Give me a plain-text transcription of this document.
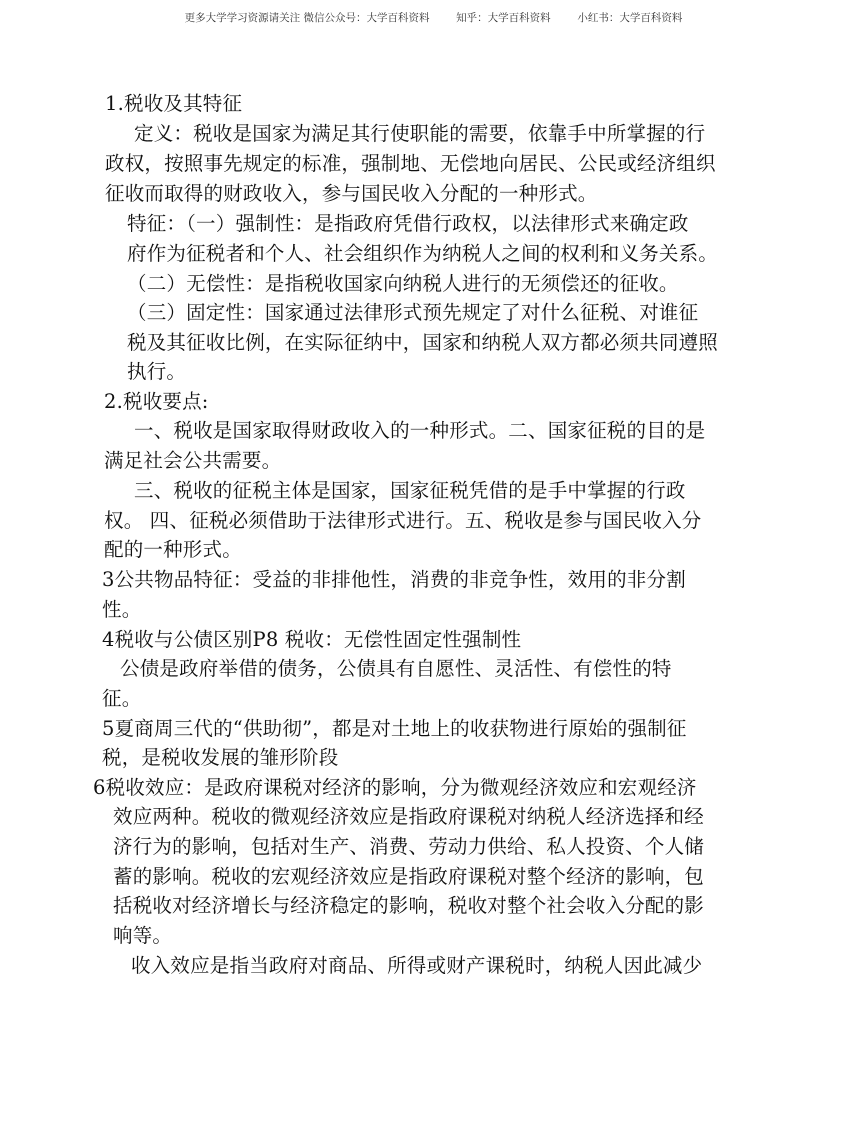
更多大学学习资源请关注 微信公众号：大学百科资料	知乎：大学百科资料	小红书：大学百科资料
1.税收及其特征
定义：税收是国家为满足其行使职能的需要，依靠手中所掌握的行
政权，按照事先规定的标准，强制地、无偿地向居民、公民或经济组织
征收而取得的财政收入，参与国民收入分配的一种形式。
特征：（一）强制性：是指政府凭借行政权，以法律形式来确定政
府作为征税者和个人、社会组织作为纳税人之间的权利和义务关系。
（二）无偿性：是指税收国家向纳税人进行的无须偿还的征收。
（三）固定性：国家通过法律形式预先规定了对什么征税、对谁征
税及其征收比例，在实际征纳中，国家和纳税人双方都必须共同遵照
执行。
2.税收要点:
一、税收是国家取得财政收入的一种形式。二、国家征税的目的是
满足社会公共需要。
三、税收的征税主体是国家，国家征税凭借的是手中掌握的行政
权。 四、征税必须借助于法律形式进行。五、税收是参与国民收入分
配的一种形式。
3公共物品特征：受益的非排他性，消费的非竞争性，效用的非分割
性。
4税收与公债区别P8 税收：无偿性固定性强制性
公债是政府举借的债务，公债具有自愿性、灵活性、有偿性的特
征。
5夏商周三代的“供助彻”，都是对土地上的收获物进行原始的强制征
税，是税收发展的雏形阶段
6税收效应：是政府课税对经济的影响，分为微观经济效应和宏观经济
效应两种。税收的微观经济效应是指政府课税对纳税人经济选择和经
济行为的影响，包括对生产、消费、劳动力供给、私人投资、个人储
蓄的影响。税收的宏观经济效应是指政府课税对整个经济的影响，包
括税收对经济增长与经济稳定的影响，税收对整个社会收入分配的影
响等。
收入效应是指当政府对商品、所得或财产课税时，纳税人因此减少
